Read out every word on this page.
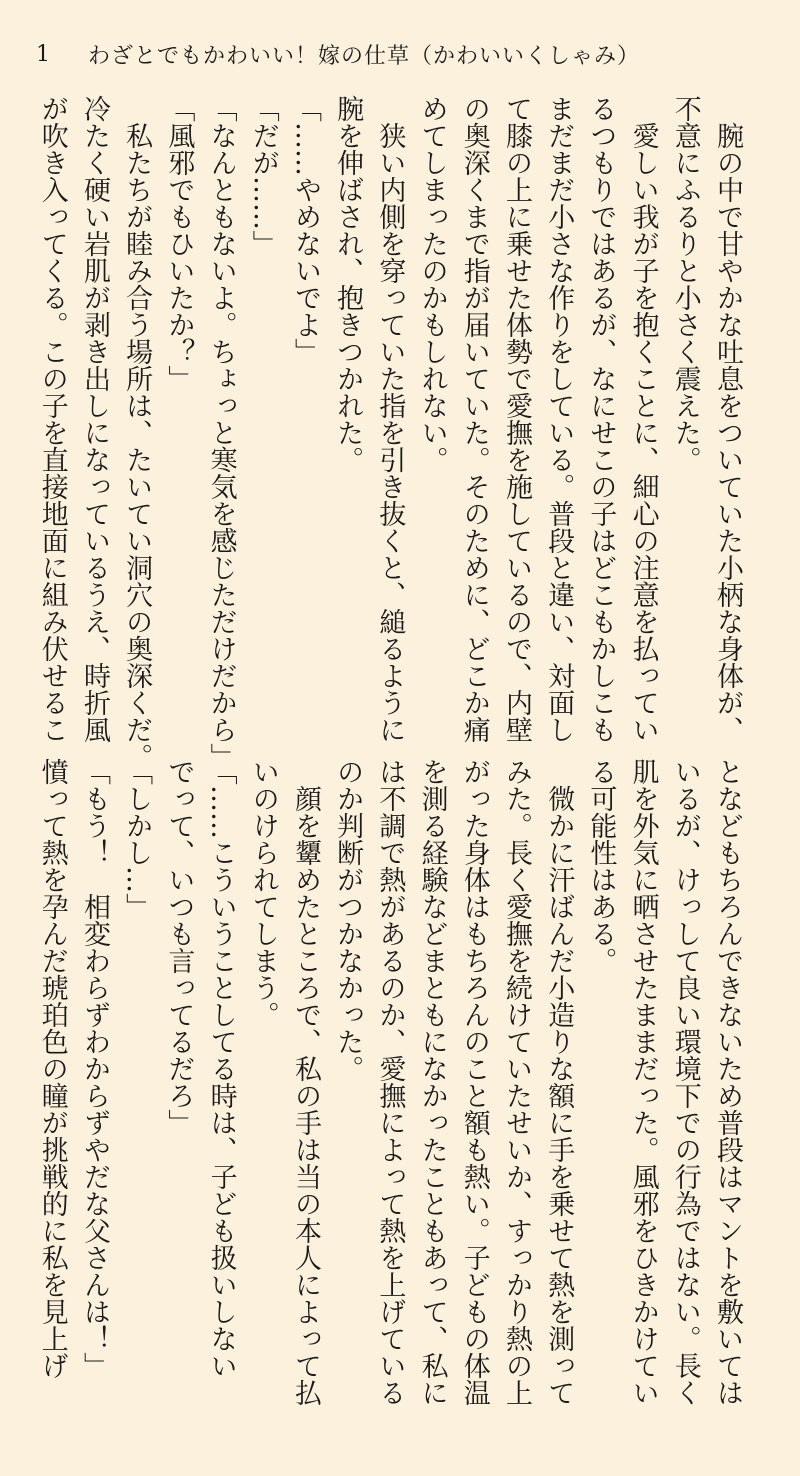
1	わざとでもかわいい！嫁の仕草（かわいいくしゃみ）

　腕の中で甘やかな吐息をついていた小柄な身体が、

不意にふるりと小さく震えた。

　愛しい我が子を抱くことに、細心の注意を払ってい

るつもりではあるが、なにせこの子はどこもかしこも

まだまだ小さな作りをしている。普段と違い、対面し

て膝の上に乗せた体勢で愛撫を施しているので、内壁

の奥深くまで指が届いていた。そのために、どこか痛

めてしまったのかもしれない。

　狭い内側を穿っていた指を引き抜くと、縋るように

腕を伸ばされ、抱きつかれた。

「……やめないでよ」

「だが……」

「なんともないよ。ちょっと寒気を感じただけだから」

「風邪でもひいたか？」

　私たちが睦み合う場所は、たいてい洞穴の奥深くだ。

冷たく硬い岩肌が剥き出しになっているうえ、時折風

が吹き入ってくる。この子を直接地面に組み伏せるこ

となどもちろんできないため普段はマントを敷いては

いるが、けっして良い環境下での行為ではない。長く

肌を外気に晒させたままだった。風邪をひきかけてい

る可能性はある。

　微かに汗ばんだ小造りな額に手を乗せて熱を測って

みた。長く愛撫を続けていたせいか、すっかり熱の上

がった身体はもちろんのこと額も熱い。子どもの体温

を測る経験などまともになかったこともあって、私に

は不調で熱があるのか、愛撫によって熱を上げている

のか判断がつかなかった。

　顔を顰めたところで、私の手は当の本人によって払

いのけられてしまう。

「……こういうことしてる時は、子ども扱いしない

でって、いつも言ってるだろ」

「しかし…」

「もう！　相変わらずわからずやだな父さんは！」

憤って熱を孕んだ琥珀色の瞳が挑戦的に私を見上げ
